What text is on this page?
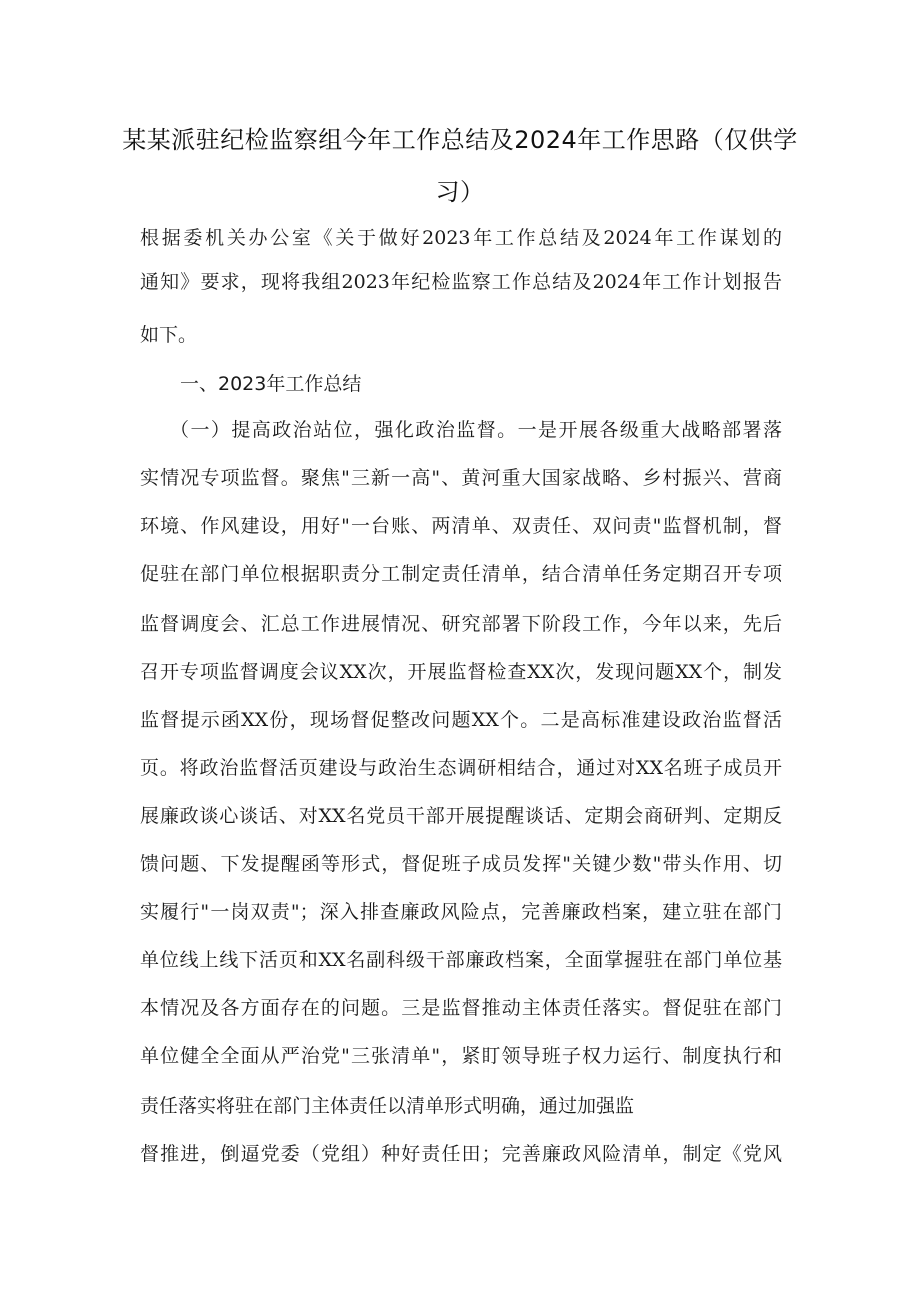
某某派驻纪检监察组今年工作总结及2024年工作思路（仅供学
习）
根据委机关办公室《关于做好2023年工作总结及2024年工作谋划的
通知》要求，现将我组2023年纪检监察工作总结及2024年工作计划报告
如下。
一、2023年工作总结
（一）提高政治站位，强化政治监督。一是开展各级重大战略部署落
实情况专项监督。聚焦"三新一高"、黄河重大国家战略、乡村振兴、营商
环境、作风建设，用好"一台账、两清单、双责任、双问责"监督机制，督
促驻在部门单位根据职责分工制定责任清单，结合清单任务定期召开专项
监督调度会、汇总工作进展情况、研究部署下阶段工作，今年以来，先后
召开专项监督调度会议XX次，开展监督检查XX次，发现问题XX个，制发
监督提示函XX份，现场督促整改问题XX个。二是高标准建设政治监督活
页。将政治监督活页建设与政治生态调研相结合，通过对XX名班子成员开
展廉政谈心谈话、对XX名党员干部开展提醒谈话、定期会商研判、定期反
馈问题、下发提醒函等形式，督促班子成员发挥"关键少数"带头作用、切
实履行"一岗双责"；深入排查廉政风险点，完善廉政档案，建立驻在部门
单位线上线下活页和XX名副科级干部廉政档案，全面掌握驻在部门单位基
本情况及各方面存在的问题。三是监督推动主体责任落实。督促驻在部门
单位健全全面从严治党"三张清单"，紧盯领导班子权力运行、制度执行和
责任落实将驻在部门主体责任以清单形式明确，通过加强监
督推进，倒逼党委（党组）种好责任田；完善廉政风险清单，制定《党风
